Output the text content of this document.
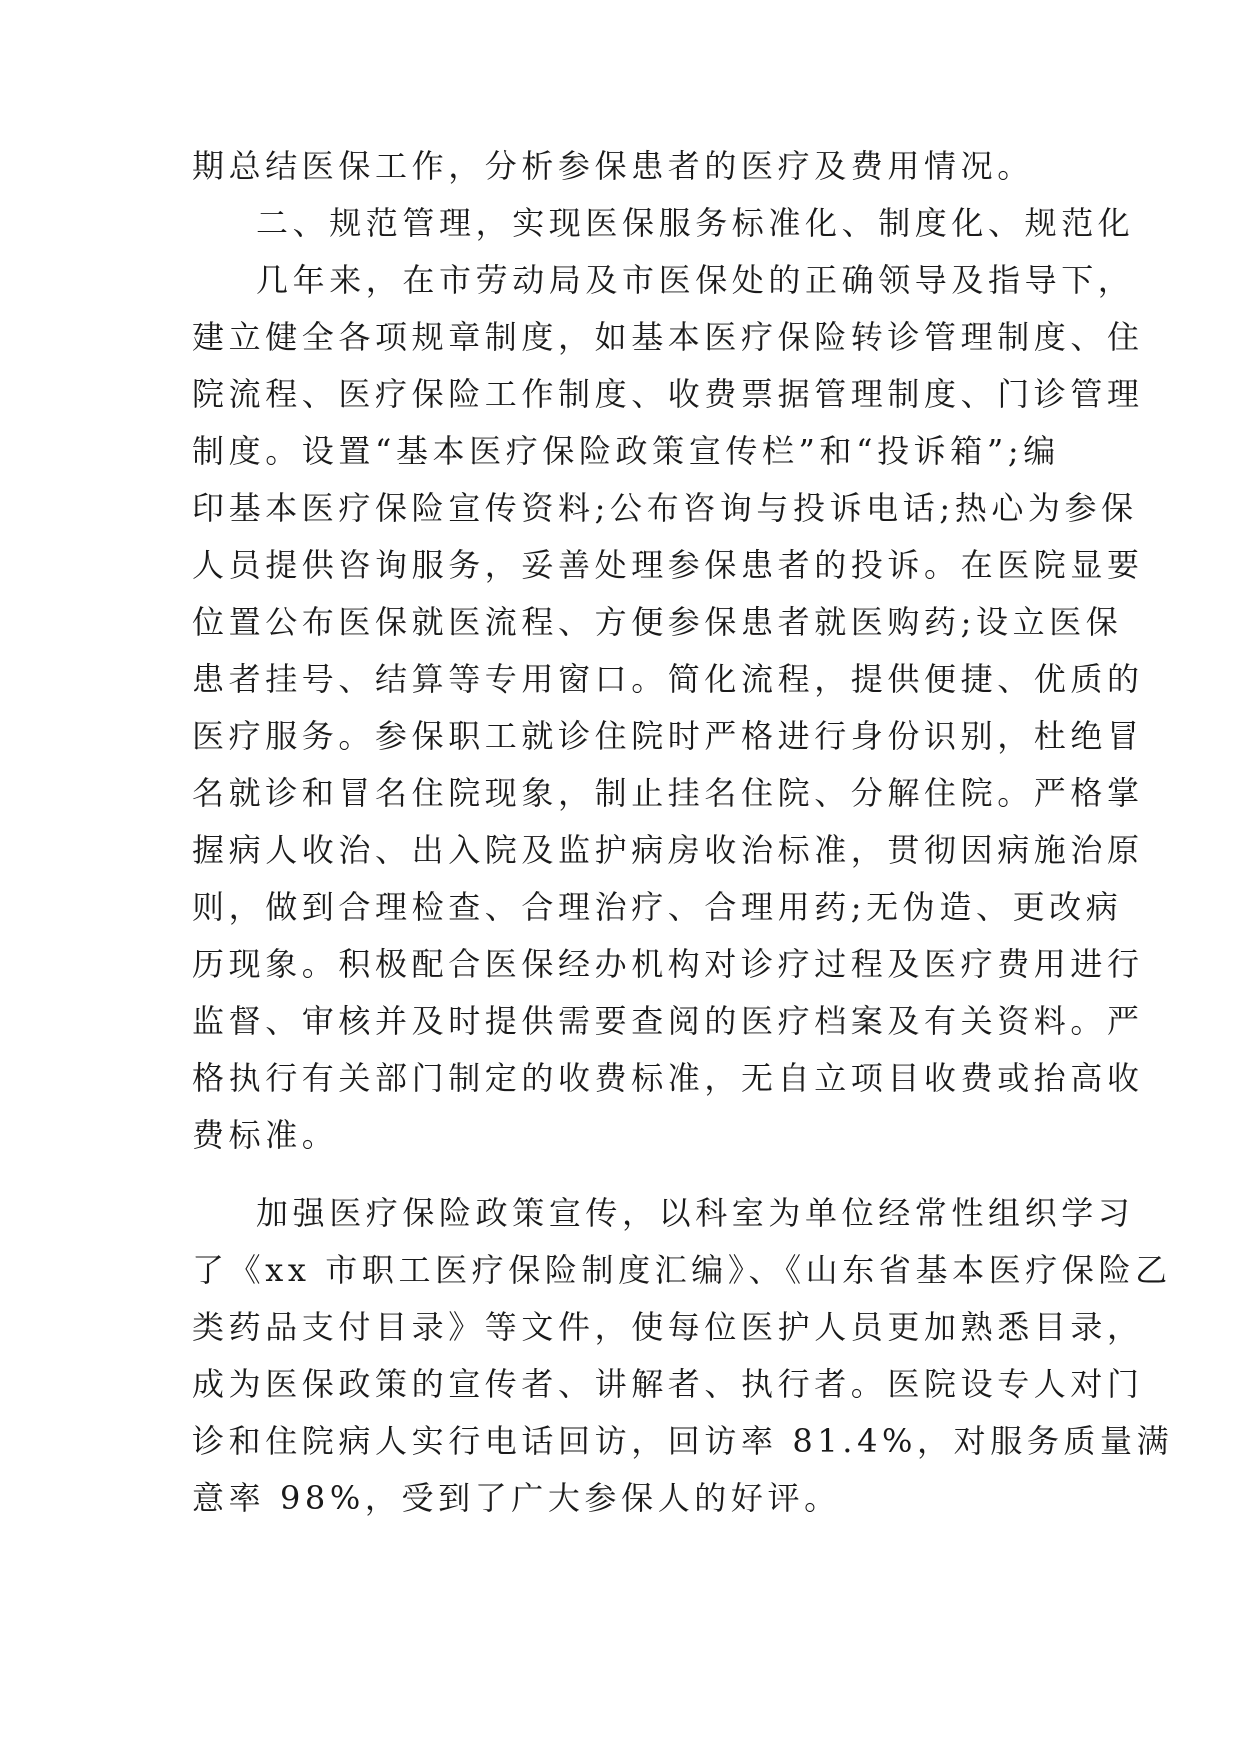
期总结医保工作，分析参保患者的医疗及费用情况。
二、规范管理，实现医保服务标准化、制度化、规范化
几年来，在市劳动局及市医保处的正确领导及指导下，
建立健全各项规章制度，如基本医疗保险转诊管理制度、住
院流程、医疗保险工作制度、收费票据管理制度、门诊管理
制度。设置“基本医疗保险政策宣传栏”和“投诉箱”;编
印基本医疗保险宣传资料;公布咨询与投诉电话;热心为参保
人员提供咨询服务，妥善处理参保患者的投诉。在医院显要
位置公布医保就医流程、方便参保患者就医购药;设立医保
患者挂号、结算等专用窗口。简化流程，提供便捷、优质的
医疗服务。参保职工就诊住院时严格进行身份识别，杜绝冒
名就诊和冒名住院现象，制止挂名住院、分解住院。严格掌
握病人收治、出入院及监护病房收治标准，贯彻因病施治原
则，做到合理检查、合理治疗、合理用药;无伪造、更改病
历现象。积极配合医保经办机构对诊疗过程及医疗费用进行
监督、审核并及时提供需要查阅的医疗档案及有关资料。严
格执行有关部门制定的收费标准，无自立项目收费或抬高收
费标准。
加强医疗保险政策宣传，以科室为单位经常性组织学习
了《xx 市职工医疗保险制度汇编》、《山东省基本医疗保险乙
类药品支付目录》等文件，使每位医护人员更加熟悉目录，
成为医保政策的宣传者、讲解者、执行者。医院设专人对门
诊和住院病人实行电话回访，回访率 81.4%，对服务质量满
意率 98%，受到了广大参保人的好评。
